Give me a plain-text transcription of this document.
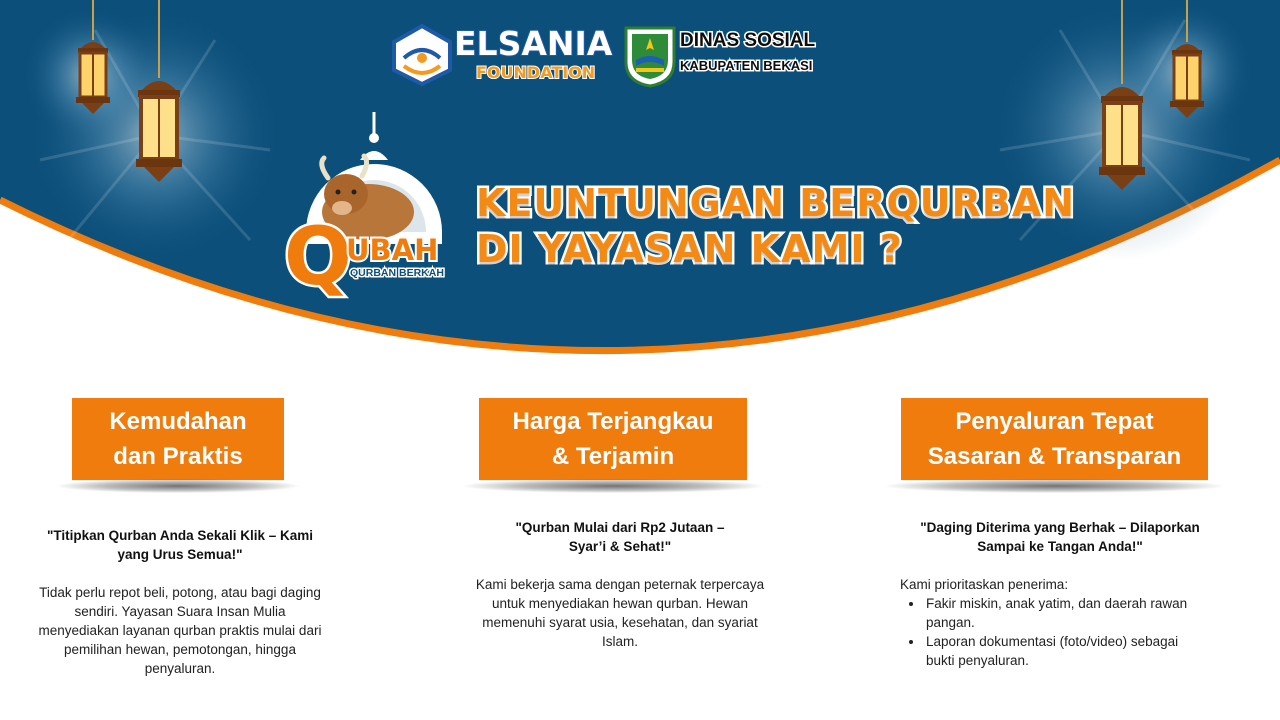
ELSANIA
FOUNDATION
DINAS SOSIAL
KABUPATEN BEKASI
Q
UBAH
QURBAN BERKAH
KEUNTUNGAN BERQURBAN
DI YAYASAN KAMI ?
Kemudahan
dan Praktis
"Titipkan Qurban Anda Sekali Klik – Kami
yang Urus Semua!"
Tidak perlu repot beli, potong, atau bagi daging
sendiri. Yayasan Suara Insan Mulia
menyediakan layanan qurban praktis mulai dari
pemilihan hewan, pemotongan, hingga
penyaluran.
Harga Terjangkau
& Terjamin
"Qurban Mulai dari Rp2 Jutaan –
Syar’i & Sehat!"
Kami bekerja sama dengan peternak terpercaya
untuk menyediakan hewan qurban. Hewan
memenuhi syarat usia, kesehatan, dan syariat
Islam.
Penyaluran Tepat
Sasaran & Transparan
"Daging Diterima yang Berhak – Dilaporkan
Sampai ke Tangan Anda!"
Kami prioritaskan penerima:
• Fakir miskin, anak yatim, dan daerah rawan
pangan.
• Laporan dokumentasi (foto/video) sebagai
bukti penyaluran.
